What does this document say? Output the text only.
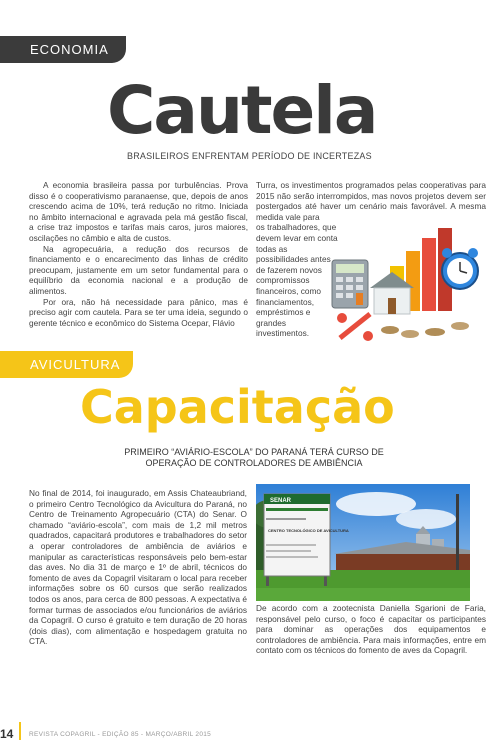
ECONOMIA
Cautela
BRASILEIROS ENFRENTAM PERÍODO DE INCERTEZAS

A economia brasileira passa por turbulências. Prova disso é o cooperativismo paranaense, que, depois de anos crescendo acima de 10%, terá redução no ritmo. Iniciada no âmbito internacional e agravada pela má gestão fiscal, a crise traz impostos e tarifas mais caros, juros maiores, oscilações no câmbio e alta de custos.

Na agropecuária, a redução dos recursos de financiamento e o encarecimento das linhas de crédito preocupam, justamente em um setor fundamental para o equilíbrio da economia nacional e a produção de alimentos.

Por ora, não há necessidade para pânico, mas é preciso agir com cautela. Para se ter uma ideia, segundo o gerente técnico e econômico do Sistema Ocepar, Flávio

Turra, os investimentos programados pelas cooperativas para 2015 não serão interrompidos, mas novos projetos devem ser postergados até haver um cenário mais favorável. A mesma medida vale para

os trabalhadores, que devem levar em conta todas as possibilidades antes de fazerem novos compromissos financeiros, como financiamentos, empréstimos e grandes investimentos.

AVICULTURA
Capacitação
PRIMEIRO “AVIÁRIO-ESCOLA” DO PARANÁ TERÁ CURSO DE
OPERAÇÃO DE CONTROLADORES DE AMBIÊNCIA

No final de 2014, foi inaugurado, em Assis Chateaubriand, o primeiro Centro Tecnológico da Avicultura do Paraná, no Centro de Treinamento Agropecuário (CTA) do Senar. O chamado “aviário-escola”, com mais de 1,2 mil metros quadrados, capacitará produtores e trabalhadores do setor a operar controladores de ambiência de aviários e manipular as características responsáveis pelo bem-estar das aves. No dia 31 de março e 1º de abril, técnicos do fomento de aves da Copagril visitaram o local para receber informações sobre os 60 cursos que serão realizados todos os anos, para cerca de 800 pessoas. A expectativa é formar turmas de associados e/ou funcionários de aviários da Copagril. O curso é gratuito e tem duração de 20 horas (dois dias), com alimentação e hospedagem gratuita no CTA.

SENAR
CENTRO TECNOLÓGICO DE AVICULTURA

De acordo com a zootecnista Daniella Sgarioni de Faria, responsável pelo curso, o foco é capacitar os participantes para dominar as operações dos equipamentos e controladores de ambiência. Para mais informações, entre em contato com os técnicos do fomento de aves da Copagril.

14 REVISTA COPAGRIL - EDIÇÃO 85 - MARÇO/ABRIL 2015
